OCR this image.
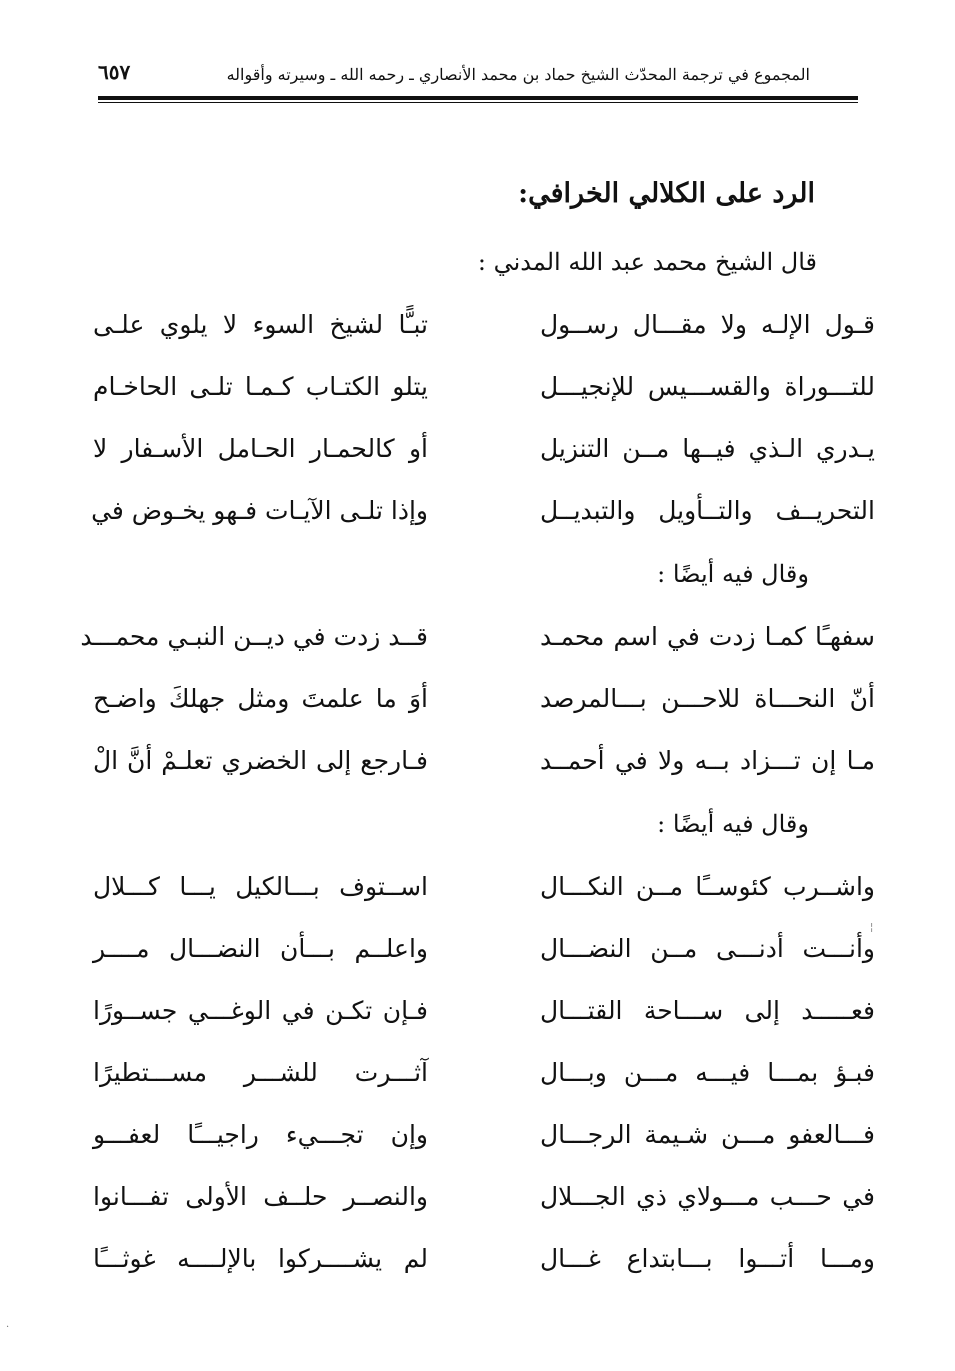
٦٥٧	المجموع في ترجمة المحدّث الشيخ حماد بن محمد الأنصاري ـ رحمه الله ـ وسيرته وأقواله
الرد على الكلالي الخرافي:
قال الشيخ محمد عبد الله المدني :
تبـًّا لشيخ السوء لا يلوي علـى	قـول الإلـه ولا مقـــال رســول
يتلو الكتـاب كـمـا تلـى الحاخـام	للتـــوراة والقســـيس للإنجيـــل
أو كالحمـار الحـامل الأسـفار لا	يـدري الـذي فيــها مــن التنزيل
وإذا تلـى الآيـات فـهو يخـوض في	التحريــف والتــأويل والتبديــل
وقال فيه أيضًا :
قــد زدت في ديــن النبـي محمـــد	سفهـًا كمـا زدت في اسم محمـد
أوَ ما علمتَ ومثل جهلكَ واضـح	أنّ النحـــاة للاحـــن بـــالمرصد
فـارجع إلى الخضري تعلـمْ أنَّ الْ	مـا إن تـــزاد بــه ولا في أحمــد
وقال فيه أيضًا :
اســتوف بـــالكيل يـــا كـــلال	واشــرب كئوســًا مــن النكـــال
واعلــم بـــأن النضـــال مــــر	وأنـــت أدنـــى مــن النضـــال
فـإن تكـن في الوغـــي جســورًا	فعـــــد إلى ســـاحة القتـــال
آثـــرت للشـــر مســـتطيرًا	فبـؤ بمـــا فيـــه مـــن وبـــال
وإن تجـــيء راجيـــًا لعفـــو	فـــالعفو مـــن شـيمة الرجـــال
والنصــر حلــف الأولى تفـــانوا	في حـــب مـــولاي ذي الجـــلال
لم يشــــركوا بالإلــــه غوثـــًا	ومـــا أتـــوا بـــابتداع غـــال
¦
·
